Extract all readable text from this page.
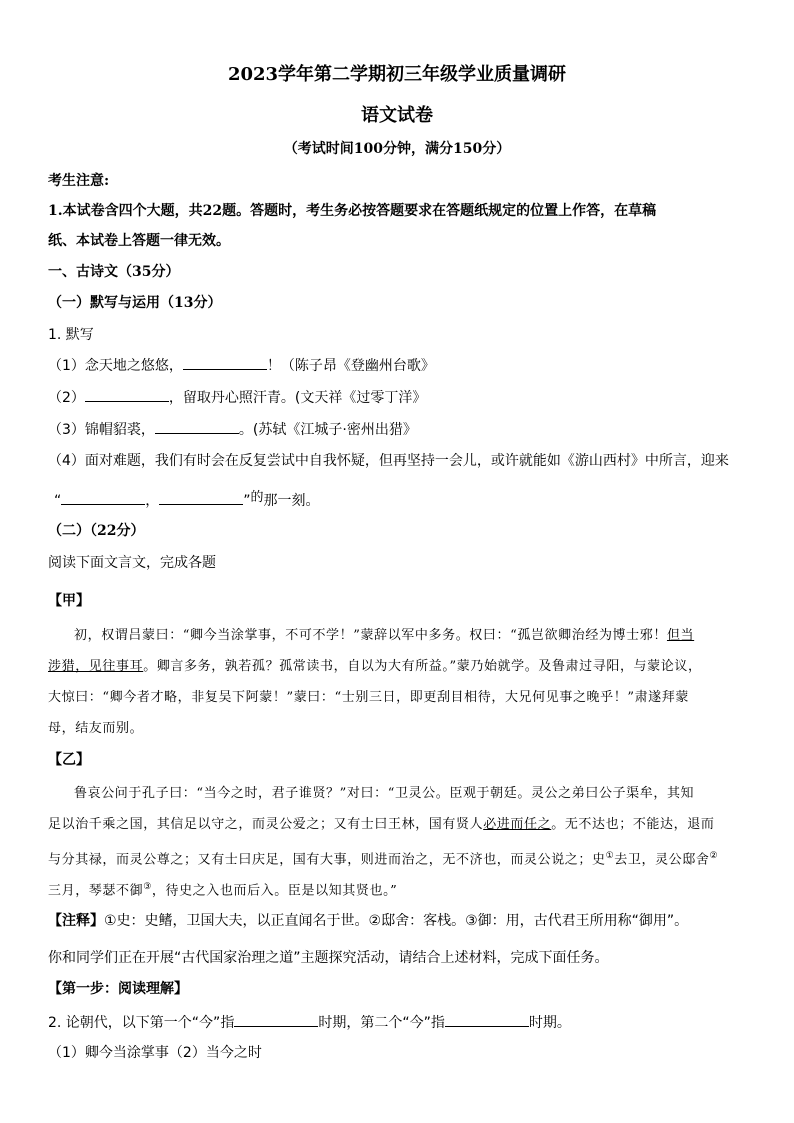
2023学年第二学期初三年级学业质量调研
语文试卷
（考试时间100分钟，满分150分）
考生注意:
1.本试卷含四个大题，共22题。答题时，考生务必按答题要求在答题纸规定的位置上作答，在草稿
纸、本试卷上答题一律无效。
一、古诗文（35分）
（一）默写与运用（13分）
1. 默写
（1）念天地之悠悠，	！（陈子昂《登幽州台歌》
（2）	，留取丹心照汗青。(文天祥《过零丁洋》
（3）锦帽貂裘，	。(苏轼《江城子·密州出猎》
（4）面对难题，我们有时会在反复尝试中自我怀疑，但再坚持一会儿，或许就能如《游山西村》中所言，迎来
“	，	”的那一刻。
（二）（22分）
阅读下面文言文，完成各题
【甲】
初，权谓吕蒙曰：“卿今当涂掌事，不可不学！”蒙辞以军中多务。权曰：“孤岂欲卿治经为博士邪！但当
涉猎，见往事耳。卿言多务，孰若孤？孤常读书，自以为大有所益。”蒙乃始就学。及鲁肃过寻阳，与蒙论议，
大惊曰：“卿今者才略，非复吴下阿蒙！”蒙曰：“士别三日，即更刮目相待，大兄何见事之晚乎！”肃遂拜蒙
母，结友而别。
【乙】
鲁哀公问于孔子曰：“当今之时，君子谁贤？”对曰：“卫灵公。臣观于朝廷。灵公之弟曰公子渠牟，其知
足以治千乘之国，其信足以守之，而灵公爱之；又有士曰王林，国有贤人必进而任之。无不达也；不能达，退而
与分其禄，而灵公尊之；又有士曰庆足，国有大事，则进而治之，无不济也，而灵公说之；史①去卫，灵公邸舍②
三月，琴瑟不御③，待史之入也而后入。臣是以知其贤也。”
【注释】①史：史鳍，卫国大夫，以正直闻名于世。②邸舍：客栈。③御：用，古代君王所用称“御用”。
你和同学们正在开展“古代国家治理之道”主题探究活动，请结合上述材料，完成下面任务。
【第一步：阅读理解】
2. 论朝代，以下第一个“今”指	时期，第二个“今”指	时期。
（1）卿今当涂掌事（2）当今之时
